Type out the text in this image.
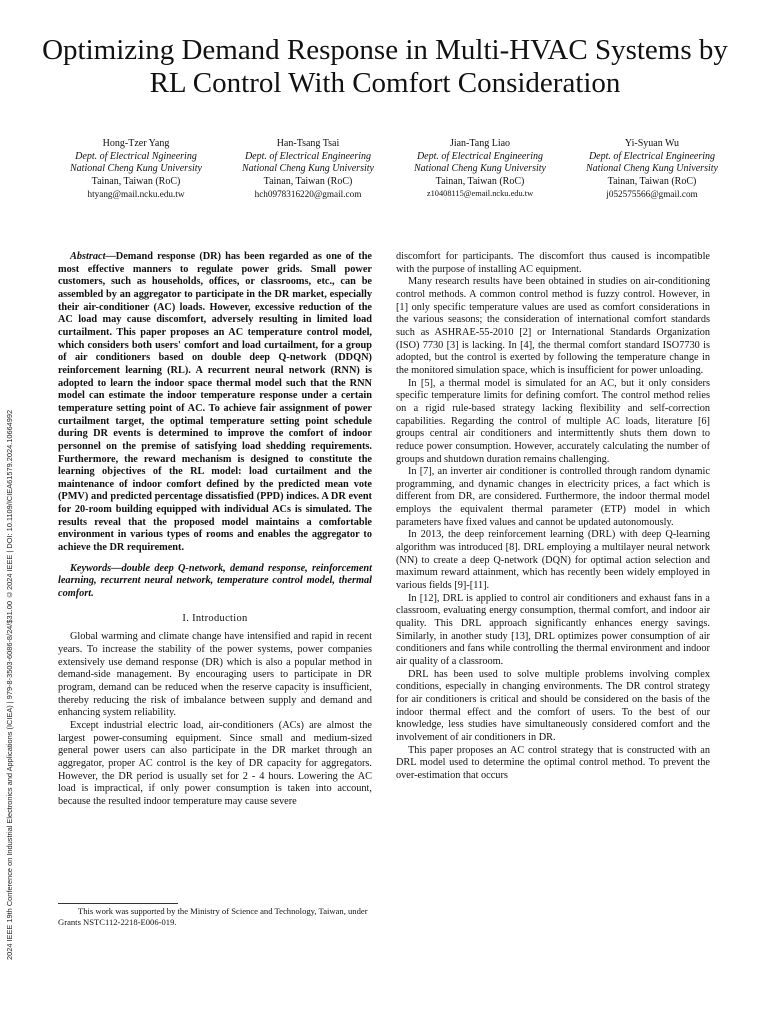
2024 IEEE 19th Conference on Industrial Electronics and Applications (ICIEA) | 979-8-3503-6086-8/24/$31.00 ©2024 IEEE | DOI: 10.1109/ICIEA61579.2024.10664992
Optimizing Demand Response in Multi-HVAC Systems by RL Control With Comfort Consideration
Hong-Tzer Yang
Dept. of Electrical Ngineering
National Cheng Kung University
Tainan, Taiwan (RoC)
htyang@mail.ncku.edu.tw
Han-Tsang Tsai
Dept. of Electrical Engineering
National Cheng Kung University
Tainan, Taiwan (RoC)
hch0978316220@gmail.com
Jian-Tang Liao
Dept. of Electrical Engineering
National Cheng Kung University
Tainan, Taiwan (RoC)
z10408115@email.ncku.edu.tw
Yi-Syuan Wu
Dept. of Electrical Engineering
National Cheng Kung University
Tainan, Taiwan (RoC)
j052575566@gmail.com

Abstract—Demand response (DR) has been regarded as one of the most effective manners to regulate power grids. Small power customers, such as households, offices, or classrooms, etc., can be assembled by an aggregator to participate in the DR market, especially their air-conditioner (AC) loads. However, excessive reduction of the AC load may cause discomfort, adversely resulting in limited load curtailment. This paper proposes an AC temperature control model, which considers both users' comfort and load curtailment, for a group of air conditioners based on double deep Q-network (DDQN) reinforcement learning (RL). A recurrent neural network (RNN) is adopted to learn the indoor space thermal model such that the RNN model can estimate the indoor temperature response under a certain temperature setting point of AC. To achieve fair assignment of power curtailment target, the optimal temperature setting point schedule during DR events is determined to improve the comfort of indoor personnel on the premise of satisfying load shedding requirements. Furthermore, the reward mechanism is designed to constitute the learning objectives of the RL model: load curtailment and the maintenance of indoor comfort defined by the predicted mean vote (PMV) and predicted percentage dissatisfied (PPD) indices. A DR event for 20-room building equipped with individual ACs is simulated. The results reveal that the proposed model maintains a comfortable environment in various types of rooms and enables the aggregator to achieve the DR requirement.

Keywords—double deep Q-network, demand response, reinforcement learning, recurrent neural network, temperature control model, thermal comfort.

I. Introduction

Global warming and climate change have intensified and rapid in recent years. To increase the stability of the power systems, power companies extensively use demand response (DR) which is also a popular method in demand-side management. By encouraging users to participate in DR program, demand can be reduced when the reserve capacity is insufficient, thereby reducing the risk of imbalance between supply and demand and enhancing system reliability.

Except industrial electric load, air-conditioners (ACs) are almost the largest power-consuming equipment. Since small and medium-sized general power users can also participate in the DR market through an aggregator, proper AC control is the key of DR capacity for aggregators. However, the DR period is usually set for 2 - 4 hours. Lowering the AC load is impractical, if only power consumption is taken into account, because the resulted indoor temperature may cause severe

This work was supported by the Ministry of Science and Technology, Taiwan, under Grants NSTC112-2218-E006-019.

discomfort for participants. The discomfort thus caused is incompatible with the purpose of installing AC equipment.

Many research results have been obtained in studies on air-conditioning control methods. A common control method is fuzzy control. However, in [1] only specific temperature values are used as comfort considerations in the various seasons; the consideration of international comfort standards such as ASHRAE-55-2010 [2] or International Standards Organization (ISO) 7730 [3] is lacking. In [4], the thermal comfort standard ISO7730 is adopted, but the control is exerted by following the temperature change in the monitored simulation space, which is insufficient for power unloading.

In [5], a thermal model is simulated for an AC, but it only considers specific temperature limits for defining comfort. The control method relies on a rigid rule-based strategy lacking flexibility and self-correction capabilities. Regarding the control of multiple AC loads, literature [6] groups central air conditioners and intermittently shuts them down to reduce power consumption. However, accurately calculating the number of groups and shutdown duration remains challenging.

In [7], an inverter air conditioner is controlled through random dynamic programming, and dynamic changes in electricity prices, a fact which is different from DR, are considered. Furthermore, the indoor thermal model employs the equivalent thermal parameter (ETP) model in which parameters have fixed values and cannot be updated autonomously.

In 2013, the deep reinforcement learning (DRL) with deep Q-learning algorithm was introduced [8]. DRL employing a multilayer neural network (NN) to create a deep Q-network (DQN) for optimal action selection and maximum reward attainment, which has recently been widely employed in various fields [9]-[11].

In [12], DRL is applied to control air conditioners and exhaust fans in a classroom, evaluating energy consumption, thermal comfort, and indoor air quality. This DRL approach significantly enhances energy savings. Similarly, in another study [13], DRL optimizes power consumption of air conditioners and fans while controlling the thermal environment and indoor air quality of a classroom.

DRL has been used to solve multiple problems involving complex conditions, especially in changing environments. The DR control strategy for air conditioners is critical and should be considered on the basis of the indoor thermal effect and the comfort of users. To the best of our knowledge, less studies have simultaneously considered comfort and the involvement of air conditioners in DR.

This paper proposes an AC control strategy that is constructed with an DRL model used to determine the optimal control method. To prevent the over-estimation that occurs
